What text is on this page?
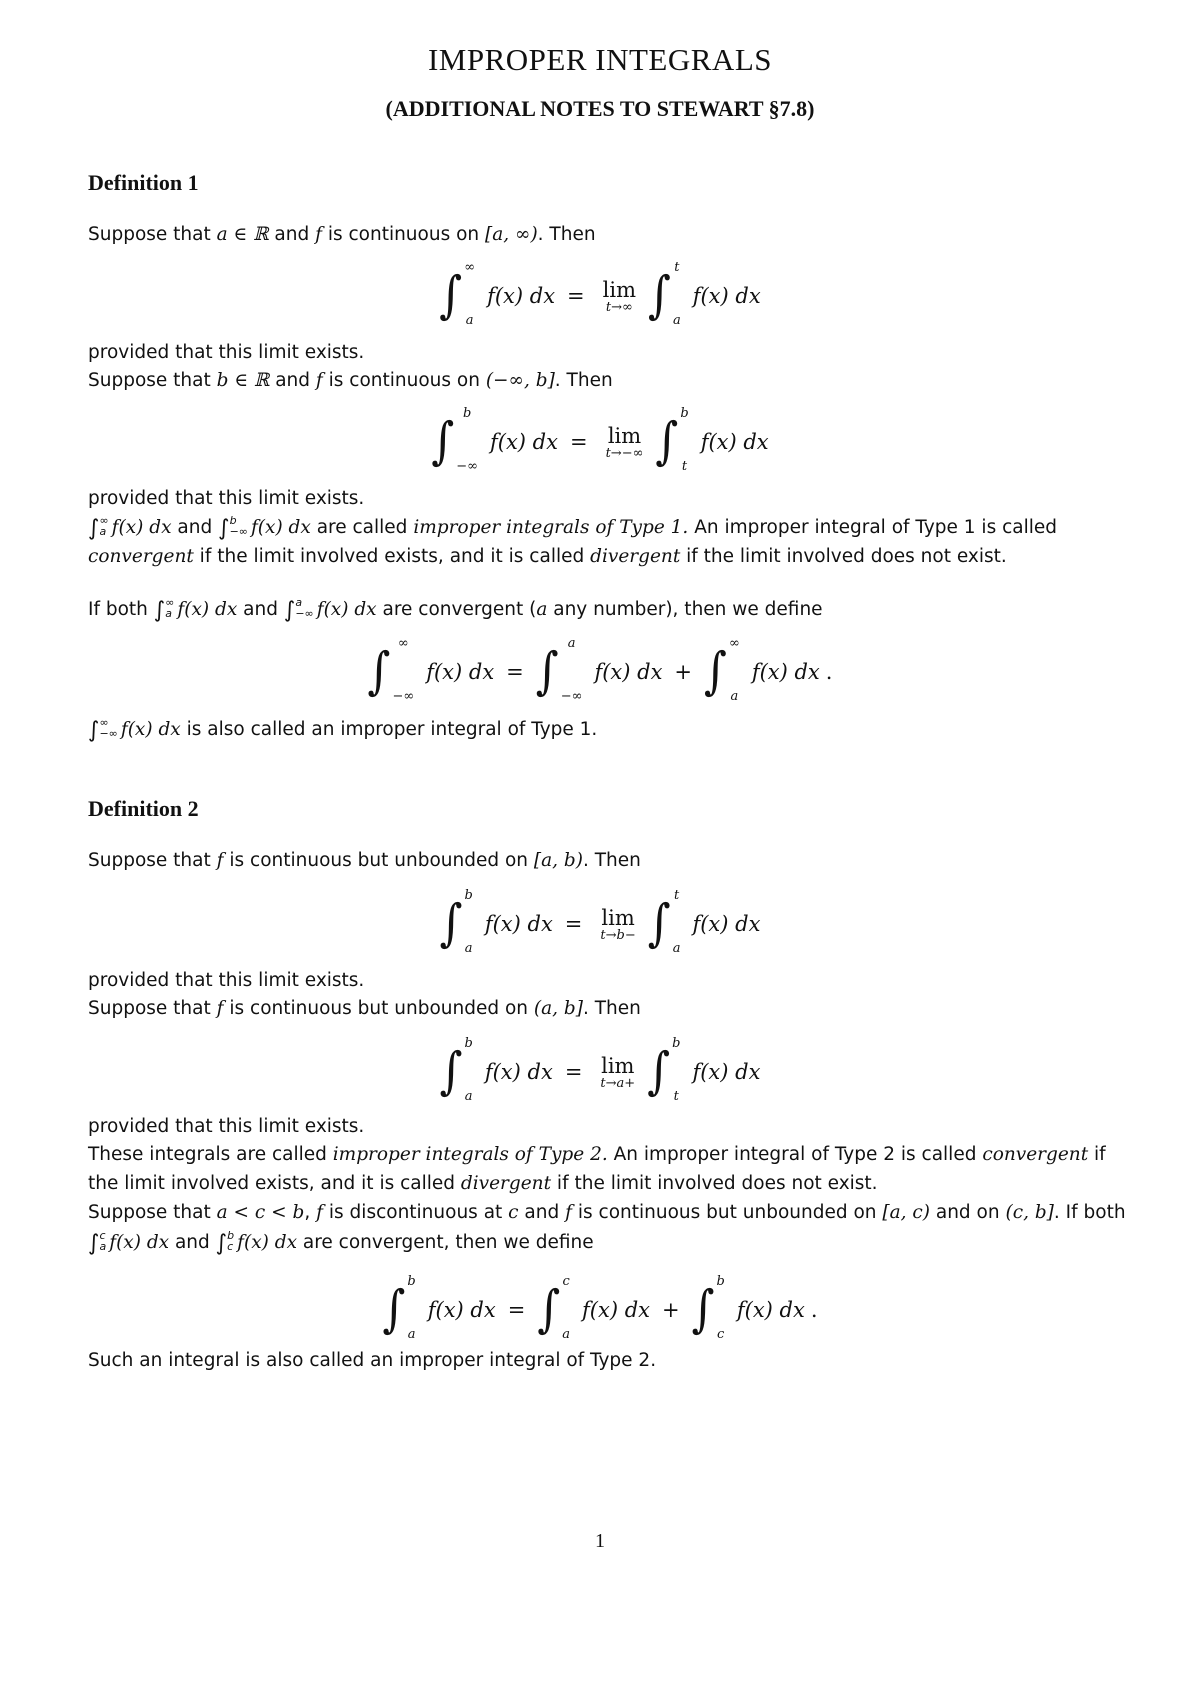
IMPROPER INTEGRALS
(ADDITIONAL NOTES TO STEWART §7.8)
Definition 1
Suppose that a ∈ ℝ and f is continuous on [a, ∞). Then
∫ ∞
a
f(x) dx = lim
t→∞ ∫ t
a
f(x) dx
provided that this limit exists.
Suppose that b ∈ ℝ and f is continuous on (−∞, b]. Then
∫ b
−∞
f(x) dx = lim
t→−∞ ∫ b
t
f(x) dx
provided that this limit exists.
∫ ∞
a f(x) dx and ∫ b
−∞ f(x) dx are called improper integrals of Type 1. An improper integral of Type 1 is called convergent if the limit involved exists, and it is called divergent if the limit involved does not exist.
If both ∫ ∞
a f(x) dx and ∫ a
−∞ f(x) dx are convergent (a any number), then we define
∫ ∞
−∞
f(x) dx = ∫ a
−∞
f(x) dx + ∫ ∞
a
f(x) dx .
∫ ∞
−∞ f(x) dx is also called an improper integral of Type 1.
Definition 2
Suppose that f is continuous but unbounded on [a, b). Then
∫ b
a
f(x) dx = lim
t→b− ∫ t
a
f(x) dx
provided that this limit exists.
Suppose that f is continuous but unbounded on (a, b]. Then
∫ b
a
f(x) dx = lim
t→a+ ∫ b
t
f(x) dx
provided that this limit exists.
These integrals are called improper integrals of Type 2. An improper integral of Type 2 is called convergent if the limit involved exists, and it is called divergent if the limit involved does not exist.
Suppose that a < c < b, f is discontinuous at c and f is continuous but unbounded on [a, c) and on (c, b]. If both ∫ c
a f(x) dx and ∫ b
c f(x) dx are convergent, then we define
∫ b
a
f(x) dx = ∫ c
a
f(x) dx + ∫ b
c
f(x) dx .
Such an integral is also called an improper integral of Type 2.
1
